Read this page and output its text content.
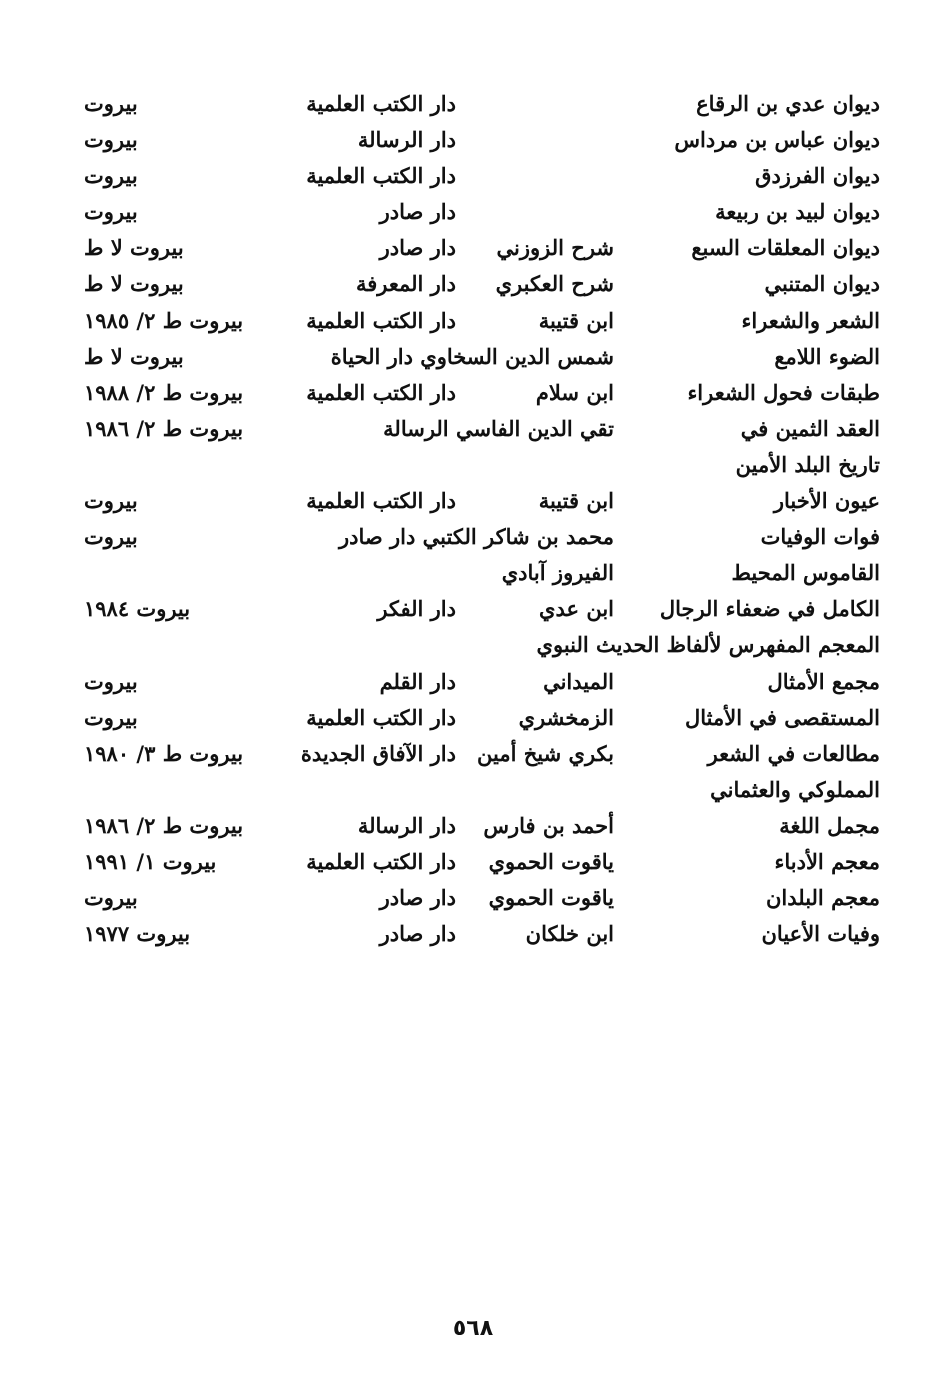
ديوان عدي بن الرقاع
دار الكتب العلمية
بيروت
ديوان عباس بن مرداس
دار الرسالة
بيروت
ديوان الفرزدق
دار الكتب العلمية
بيروت
ديوان لبيد بن ربيعة
دار صادر
بيروت
ديوان المعلقات السبع
شرح الزوزني
دار صادر
بيروت لا ط
ديوان المتنبي
شرح العكبري
دار المعرفة
بيروت لا ط
الشعر والشعراء
ابن قتيبة
دار الكتب العلمية
بيروت ط ٢/ ١٩٨٥
الضوء اللامع
شمس الدين السخاوي دار الحياة
بيروت لا ط
طبقات فحول الشعراء
ابن سلام
دار الكتب العلمية
بيروت ط ٢/ ١٩٨٨
العقد الثمين في
تقي الدين الفاسي الرسالة
بيروت ط ٢/ ١٩٨٦
تاريخ البلد الأمين
عيون الأخبار
ابن قتيبة
دار الكتب العلمية
بيروت
فوات الوفيات
محمد بن شاكر الكتبي دار صادر
بيروت
القاموس المحيط
الفيروز آبادي
الكامل في ضعفاء الرجال
ابن عدي
دار الفكر
بيروت ١٩٨٤
المعجم المفهرس لألفاظ الحديث النبوي
مجمع الأمثال
الميداني
دار القلم
بيروت
المستقصى في الأمثال
الزمخشري
دار الكتب العلمية
بيروت
مطالعات في الشعر
بكري شيخ أمين
دار الآفاق الجديدة
بيروت ط ٣/ ١٩٨٠
المملوكي والعثماني
مجمل اللغة
أحمد بن فارس
دار الرسالة
بيروت ط ٢/ ١٩٨٦
معجم الأدباء
ياقوت الحموي
دار الكتب العلمية
بيروت ١/ ١٩٩١
معجم البلدان
ياقوت الحموي
دار صادر
بيروت
وفيات الأعيان
ابن خلكان
دار صادر
بيروت ١٩٧٧
٥٦٨
